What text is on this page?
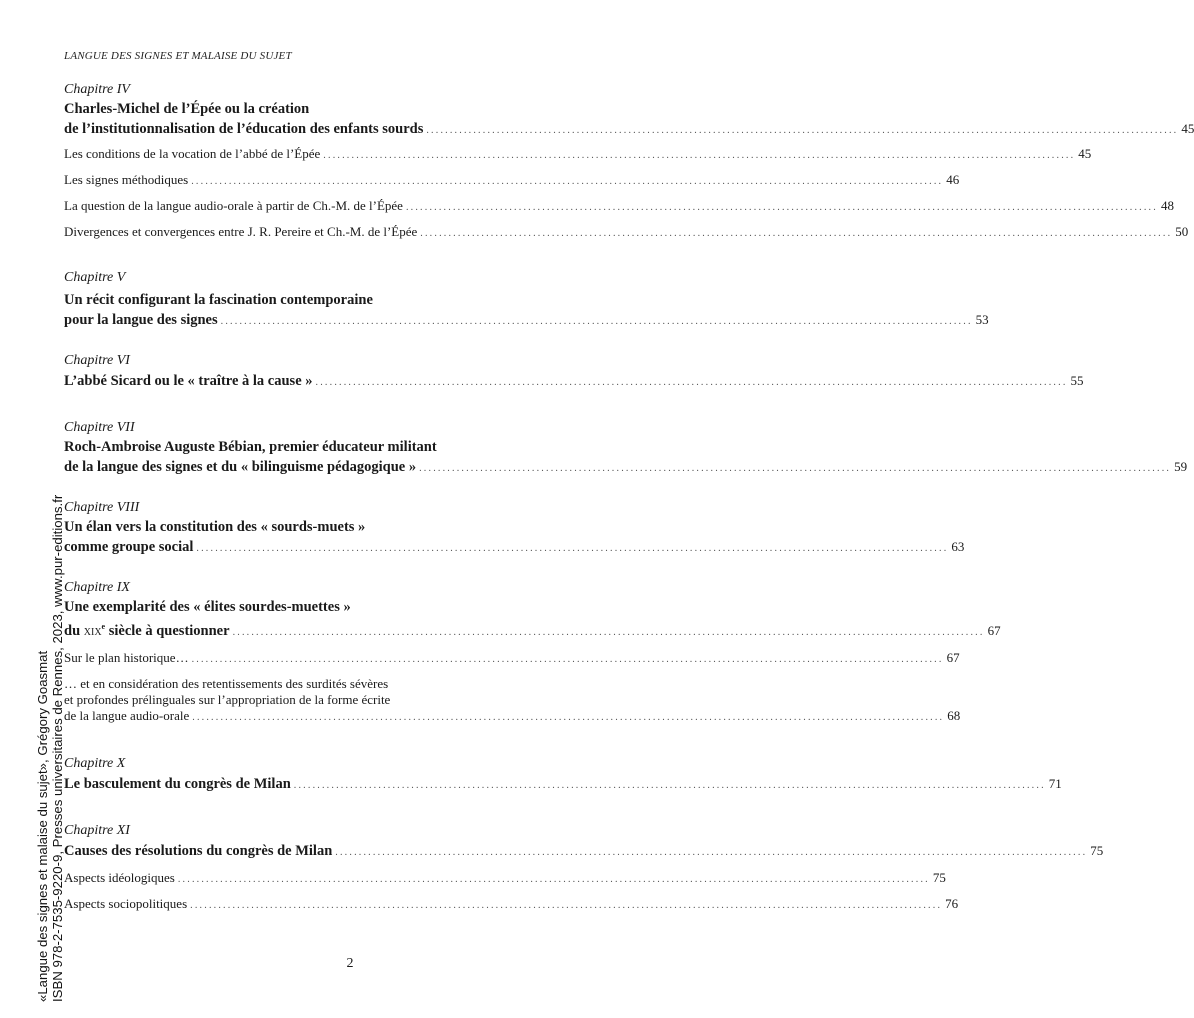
LANGUE DES SIGNES ET MALAISE DU SUJET
Chapitre IV
Charles-Michel de l’Épée ou la création
de l’institutionnalisation de l’éducation des enfants sourds ................................................................................................................................................................ 45
Les conditions de la vocation de l’abbé de l’Épée ................................................................................................................................................................ 45
Les signes méthodiques ................................................................................................................................................................ 46
La question de la langue audio-orale à partir de Ch.-M. de l’Épée ................................................................................................................................................................ 48
Divergences et convergences entre J. R. Pereire et Ch.-M. de l’Épée ................................................................................................................................................................ 50
Chapitre V
Un récit configurant la fascination contemporaine
pour la langue des signes ................................................................................................................................................................ 53
Chapitre VI
L’abbé Sicard ou le « traître à la cause » ................................................................................................................................................................ 55
Chapitre VII
Roch-Ambroise Auguste Bébian, premier éducateur militant
de la langue des signes et du « bilinguisme pédagogique » ................................................................................................................................................................ 59
Chapitre VIII
Un élan vers la constitution des « sourds-muets »
comme groupe social ................................................................................................................................................................ 63
Chapitre IX
Une exemplarité des « élites sourdes-muettes »
du xix$^e$ siècle à questionner ................................................................................................................................................................ 67
Sur le plan historique… ................................................................................................................................................................ 67
… et en considération des retentissements des surdités sévères
et profondes prélinguales sur l’appropriation de la forme écrite
de la langue audio-orale ................................................................................................................................................................ 68
Chapitre X
Le basculement du congrès de Milan ................................................................................................................................................................ 71
Chapitre XI
Causes des résolutions du congrès de Milan ................................................................................................................................................................ 75
Aspects idéologiques ................................................................................................................................................................ 75
Aspects sociopolitiques ................................................................................................................................................................ 76
2
«Langue des signes et malaise du sujet», Grégory Goasmat ISBN 978-2-7535-9220-9, Presses universitaires de Rennes, 2023, www.pur-editions.fr
